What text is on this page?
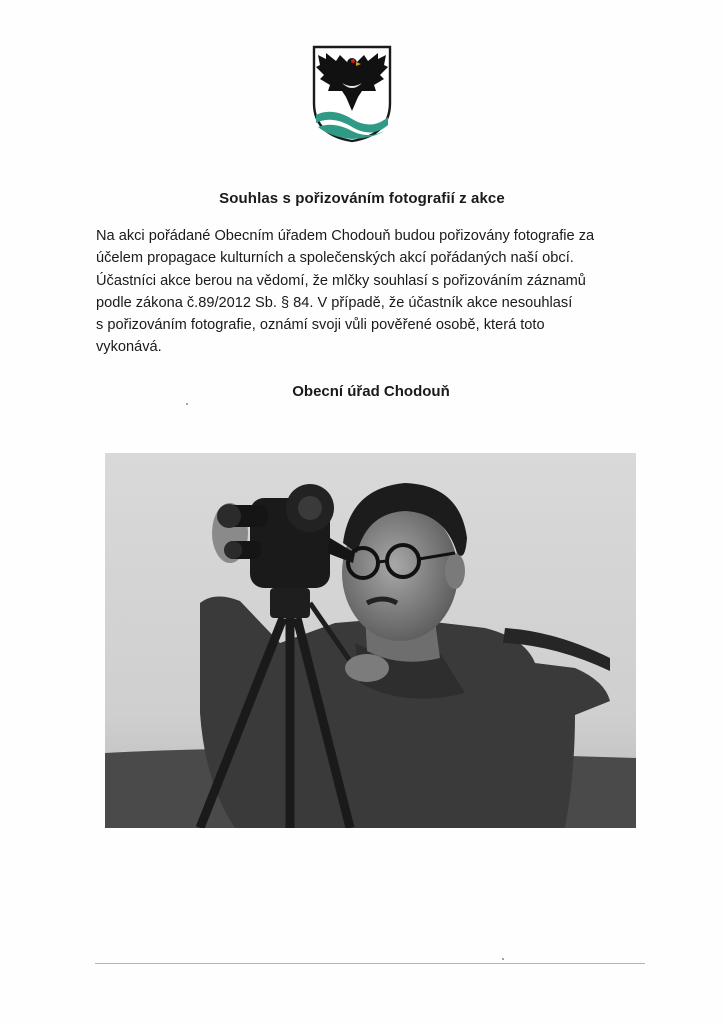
Souhlas s pořizováním fotografií z akce

Na akci pořádané Obecním úřadem Chodouň budou pořizovány fotografie za
účelem propagace kulturních a společenských akcí pořádaných naší obcí.
Účastníci akce berou na vědomí, že mlčky souhlasí s pořizováním záznamů
podle zákona č.89/2012 Sb. § 84. V případě, že účastník akce nesouhlasí
s pořizováním fotografie, oznámí svoji vůli pověřené osobě, která toto
vykonává.

Obecní úřad Chodouň
